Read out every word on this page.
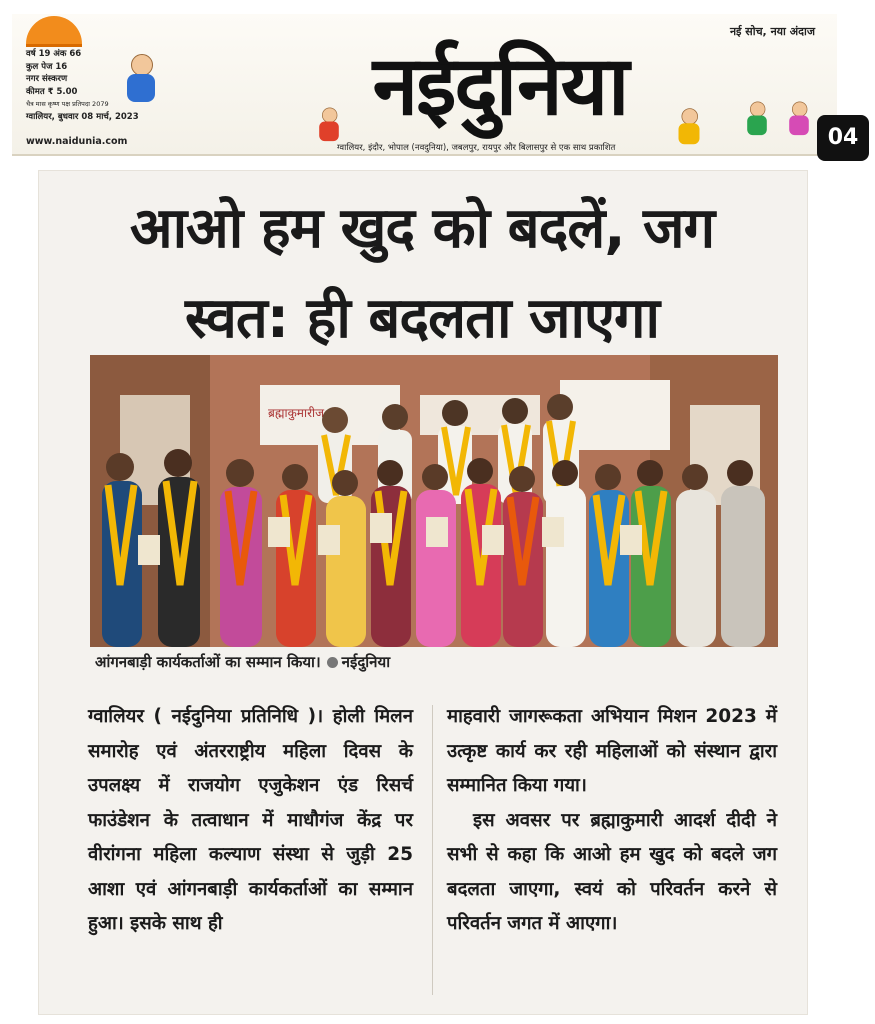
वर्ष 19 अंक 66
कुल पेज 16
नगर संस्करण
कीमत ₹ 5.00
चैत्र मास कृष्ण पक्ष प्रतिपदा 2079
ग्वालियर, बुधवार 08 मार्च, 2023
नई सोच, नया अंदाज
नईदुनिया
www.naidunia.com
ग्वालियर, इंदौर, भोपाल (नवदुनिया), जबलपुर, रायपुर और बिलासपुर से एक साथ प्रकाशित	04
आओ हम खुद को बदलें, जग
स्वत: ही बदलता जाएगा
ब्रह्माकुमारीज
आंगनबाड़ी कार्यकर्ताओं का सम्मान किया। नईदुनिया

ग्वालियर ( नईदुनिया प्रतिनिधि )। होली मिलन समारोह एवं अंतरराष्ट्रीय महिला दिवस के उपलक्ष्य में राजयोग एजुकेशन एंड रिसर्च फाउंडेशन के तत्वाधान में माधौगंज केंद्र पर वीरांगना महिला कल्याण संस्था से जुड़ी 25 आशा एवं आंगनबाड़ी कार्यकर्ताओं का सम्मान हुआ। इसके साथ ही

माहवारी जागरूकता अभियान मिशन 2023 में उत्कृष्ट कार्य कर रही महिलाओं को संस्थान द्वारा सम्मानित किया गया।

इस अवसर पर ब्रह्माकुमारी आदर्श दीदी ने सभी से कहा कि आओ हम खुद को बदले जग बदलता जाएगा, स्वयं को परिवर्तन करने से परिवर्तन जगत में आएगा।
